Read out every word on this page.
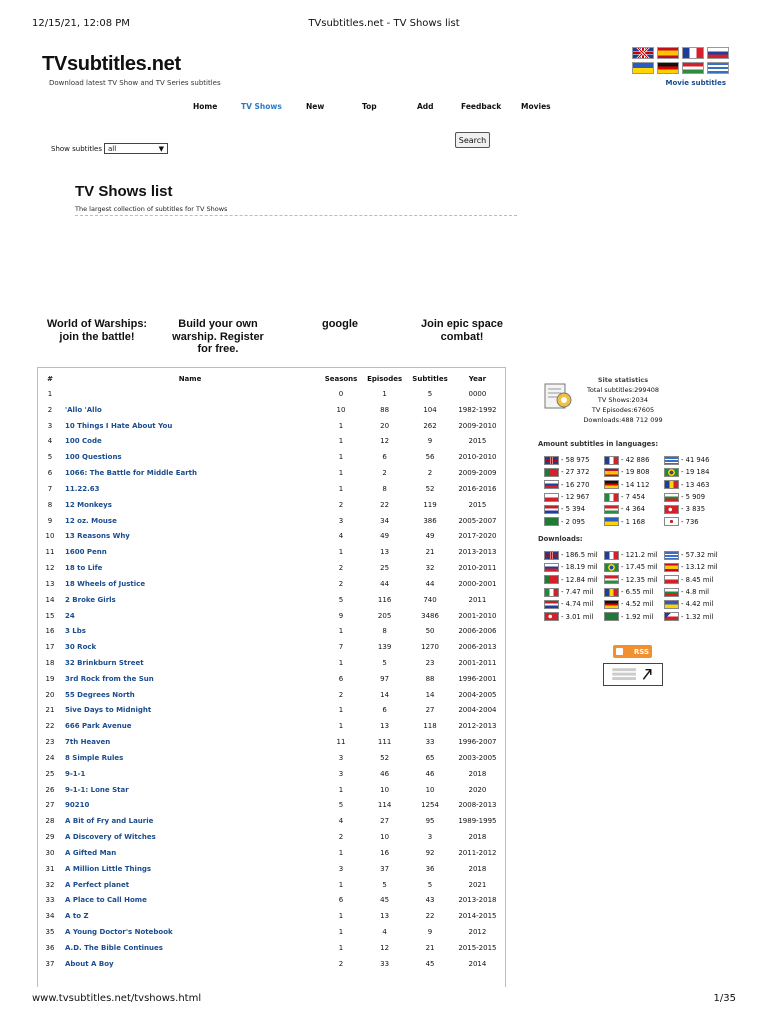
12/15/21, 12:08 PM	TVsubtitles.net - TV Shows list
TVsubtitles.net
Download latest TV Show and TV Series subtitles	Movie subtitles
Home	TV Shows	New	Top	Add	Feedback	Movies
Show subtitles all	▼
Search
TV Shows list
The largest collection of subtitles for TV Shows
World of Warships: join the battle!
Build your own warship. Register for free.
google	Join epic space combat!
#	Name	Seasons	Episodes	Subtitles	Year
1		0	1	5	0000
2	'Allo 'Allo	10	88	104	1982-1992
3	10 Things I Hate About You	1	20	262	2009-2010
4	100 Code	1	12	9	2015
5	100 Questions	1	6	56	2010-2010
6	1066: The Battle for Middle Earth	1	2	2	2009-2009
7	11.22.63	1	8	52	2016-2016
8	12 Monkeys	2	22	119	2015
9	12 oz. Mouse	3	34	386	2005-2007
10	13 Reasons Why	4	49	49	2017-2020
11	1600 Penn	1	13	21	2013-2013
12	18 to Life	2	25	32	2010-2011
13	18 Wheels of Justice	2	44	44	2000-2001
14	2 Broke Girls	5	116	740	2011
15	24	9	205	3486	2001-2010
16	3 Lbs	1	8	50	2006-2006
17	30 Rock	7	139	1270	2006-2013
18	32 Brinkburn Street	1	5	23	2001-2011
19	3rd Rock from the Sun	6	97	88	1996-2001
20	55 Degrees North	2	14	14	2004-2005
21	5ive Days to Midnight	1	6	27	2004-2004
22	666 Park Avenue	1	13	118	2012-2013
23	7th Heaven	11	111	33	1996-2007
24	8 Simple Rules	3	52	65	2003-2005
25	9-1-1	3	46	46	2018
26	9-1-1: Lone Star	1	10	10	2020
27	90210	5	114	1254	2008-2013
28	A Bit of Fry and Laurie	4	27	95	1989-1995
29	A Discovery of Witches	2	10	3	2018
30	A Gifted Man	1	16	92	2011-2012
31	A Million Little Things	3	37	36	2018
32	A Perfect planet	1	5	5	2021
33	A Place to Call Home	6	45	43	2013-2018
34	A to Z	1	13	22	2014-2015
35	A Young Doctor's Notebook	1	4	9	2012
36	A.D. The Bible Continues	1	12	21	2015-2015
37	About A Boy	2	33	45	2014
Site statistics
Total subtitles:299408
TV Shows:2034
TV Episodes:67605
Downloads:488 712 099
Amount subtitles in languages:
- 58 975	- 42 886	- 41 946
- 27 372	- 19 808	- 19 184
- 16 270	- 14 112	- 13 463
- 12 967	- 7 454	- 5 909
- 5 394	- 4 364	- 3 835
- 2 095	- 1 168	- 736
Downloads:
- 186.5 mil	- 121.2 mil	- 57.32 mil
- 18.19 mil	- 17.45 mil	- 13.12 mil
- 12.84 mil	- 12.35 mil	- 8.45 mil
- 7.47 mil	- 6.55 mil	- 4.8 mil
- 4.74 mil	- 4.52 mil	- 4.42 mil
- 3.01 mil	- 1.92 mil	- 1.32 mil
RSS
www.tvsubtitles.net/tvshows.html	1/35
